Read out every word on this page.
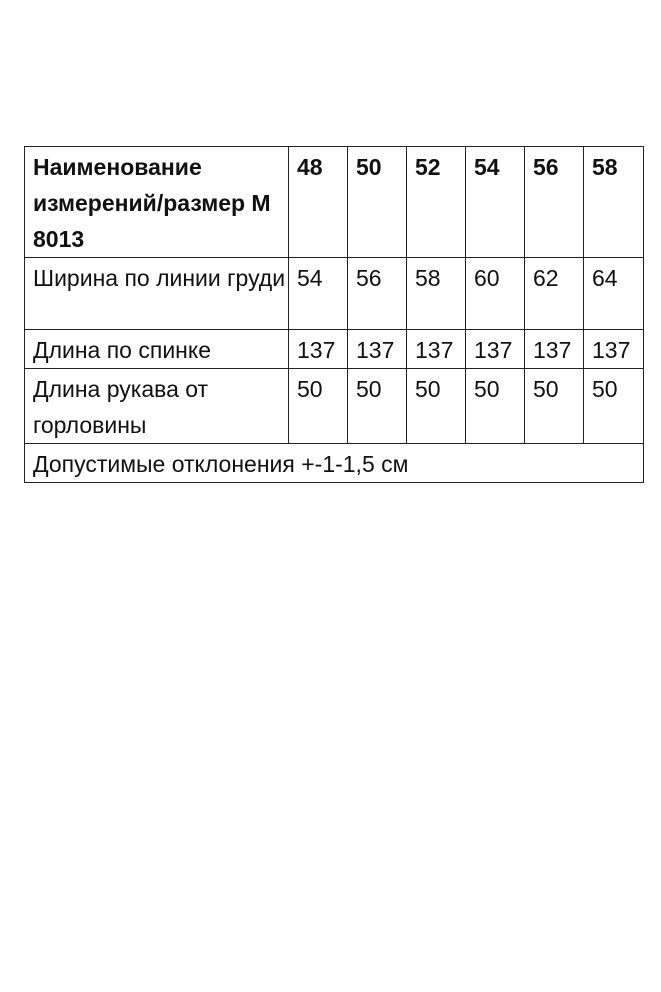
Наименование измерений/размер М 8013	48	50	52	54	56	58
Ширина по линии груди	54	56	58	60	62	64
Длина по спинке	137	137	137	137	137	137
Длина рукава от горловины	50	50	50	50	50	50
Допустимые отклонения +-1-1,5 см						
